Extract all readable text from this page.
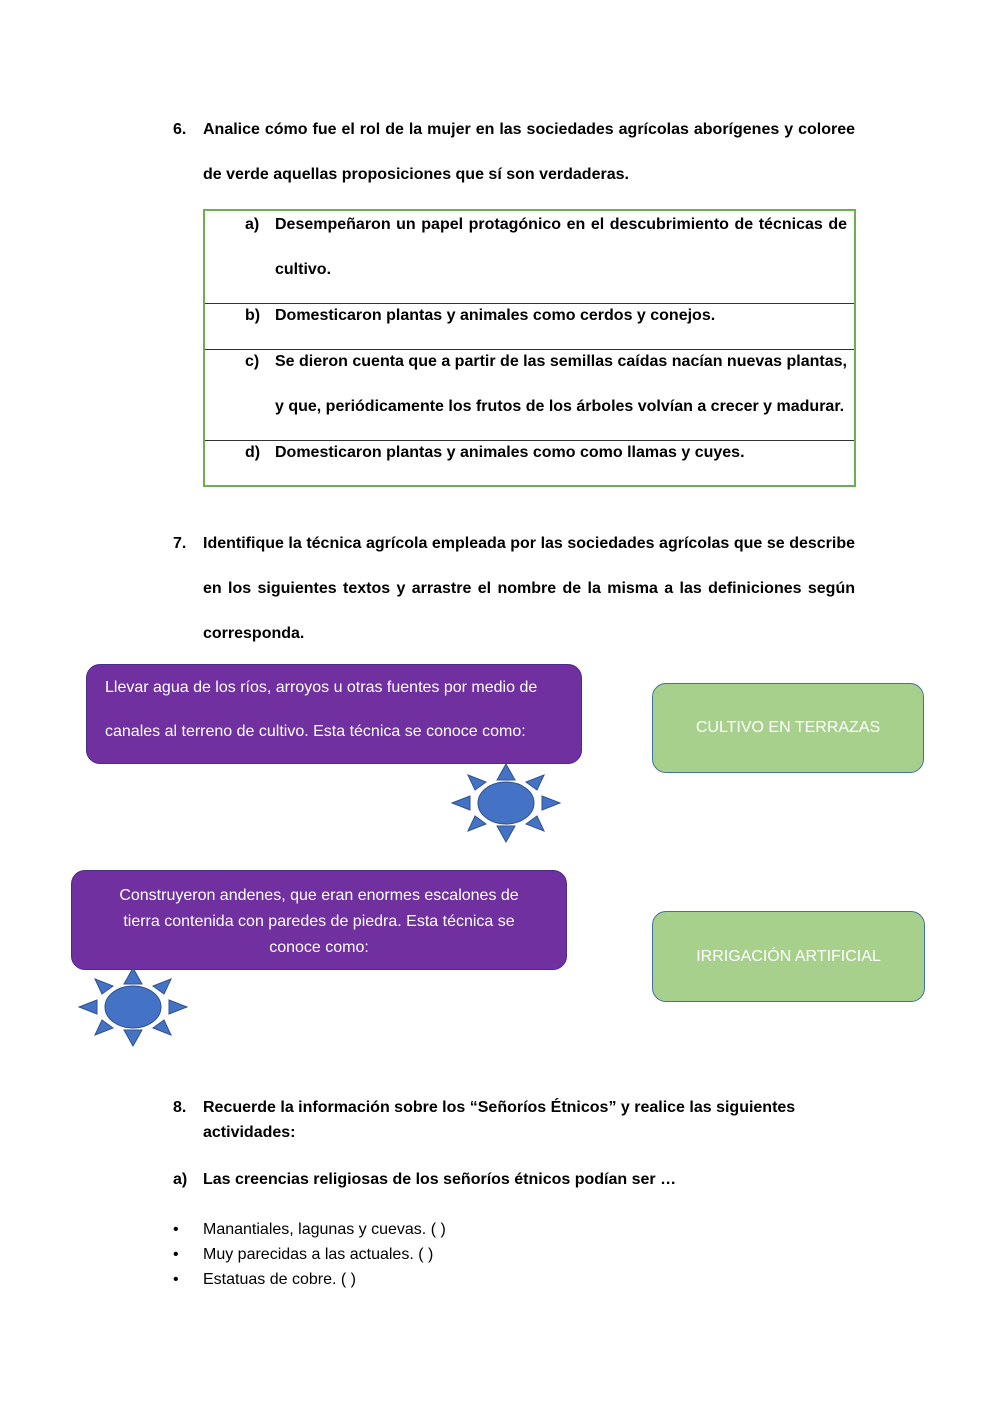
6. Analice cómo fue el rol de la mujer en las sociedades agrícolas aborígenes y coloree
de verde aquellas proposiciones que sí son verdaderas.
a) Desempeñaron un papel protagónico en el descubrimiento de técnicas de
cultivo.
b) Domesticaron plantas y animales como cerdos y conejos.
c) Se dieron cuenta que a partir de las semillas caídas nacían nuevas plantas,
y que, periódicamente los frutos de los árboles volvían a crecer y madurar.
d) Domesticaron plantas y animales como como llamas y cuyes.
7. Identifique la técnica agrícola empleada por las sociedades agrícolas que se describe
en los siguientes textos y arrastre el nombre de la misma a las definiciones según
corresponda.
Llevar agua de los ríos, arroyos u otras fuentes por medio de
canales al terreno de cultivo. Esta técnica se conoce como:	CULTIVO EN TERRAZAS
Construyeron andenes, que eran enormes escalones de tierra contenida con paredes de piedra. Esta técnica se conoce como:	IRRIGACIÓN ARTIFICIAL
8. Recuerde la información sobre los “Señoríos Étnicos” y realice las siguientes
actividades:
a) Las creencias religiosas de los señoríos étnicos podían ser …
• Manantiales, lagunas y cuevas. ( )
• Muy parecidas a las actuales. ( )
• Estatuas de cobre. ( )
